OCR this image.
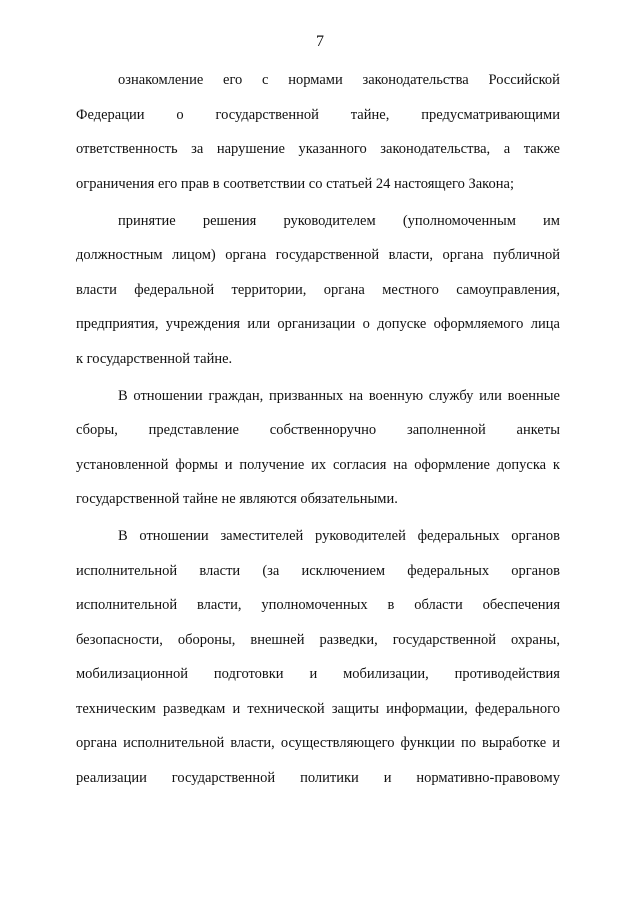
7
ознакомление его с нормами законодательства Российской
Федерации о государственной тайне, предусматривающими
ответственность за нарушение указанного законодательства, а также
ограничения его прав в соответствии со статьей 24 настоящего Закона;
принятие решения руководителем (уполномоченным им
должностным лицом) органа государственной власти, органа публичной
власти федеральной территории, органа местного самоуправления,
предприятия, учреждения или организации о допуске оформляемого лица
к государственной тайне.
В отношении граждан, призванных на военную службу или военные
сборы, представление собственноручно заполненной анкеты
установленной формы и получение их согласия на оформление допуска к
государственной тайне не являются обязательными.
В отношении заместителей руководителей федеральных органов
исполнительной власти (за исключением федеральных органов
исполнительной власти, уполномоченных в области обеспечения
безопасности, обороны, внешней разведки, государственной охраны,
мобилизационной подготовки и мобилизации, противодействия
техническим разведкам и технической защиты информации, федерального
органа исполнительной власти, осуществляющего функции по выработке и
реализации государственной политики и нормативно-правовому
